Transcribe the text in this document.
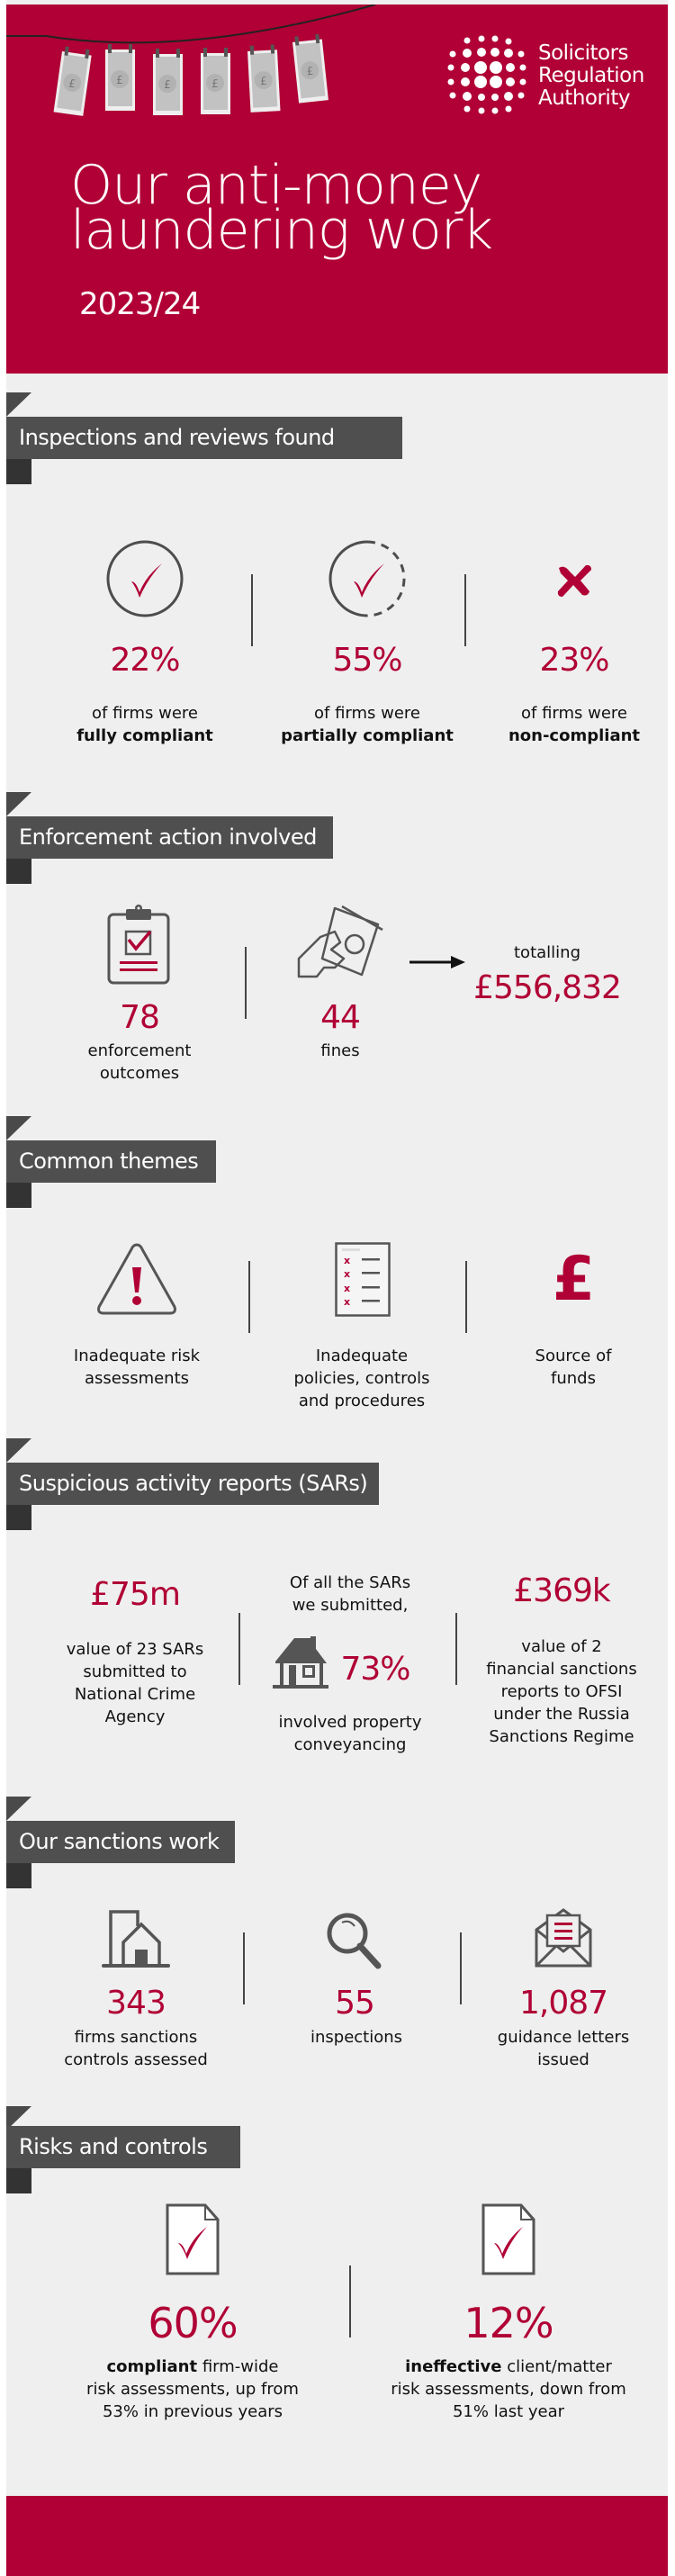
£	£	£	£	£
£
Solicitors
Regulation
Authority
Our anti-money
laundering work
2023/24
Inspections and reviews found
22%	55%	23%
of firms were
fully compliant
of firms were
partially compliant
of firms were
non-compliant
Enforcement action involved
78
enforcement
outcomes
44
fines
totalling
£556,832
Common themes
x
x
x
x	£
Inadequate risk
assessments
Inadequate
policies, controls
and procedures
Source of
funds
Suspicious activity reports (SARs)
£75m
value of 23 SARs
submitted to
National Crime
Agency
Of all the SARs
we submitted,
73%
involved property
conveyancing
£369k
value of 2
financial sanctions
reports to OFSI
under the Russia
Sanctions Regime
Our sanctions work
343
firms sanctions
controls assessed
55
inspections
1,087
guidance letters
issued
Risks and controls
60%
compliant firm-wide
risk assessments, up from
53% in previous years
12%
ineffective client/matter
risk assessments, down from
51% last year
